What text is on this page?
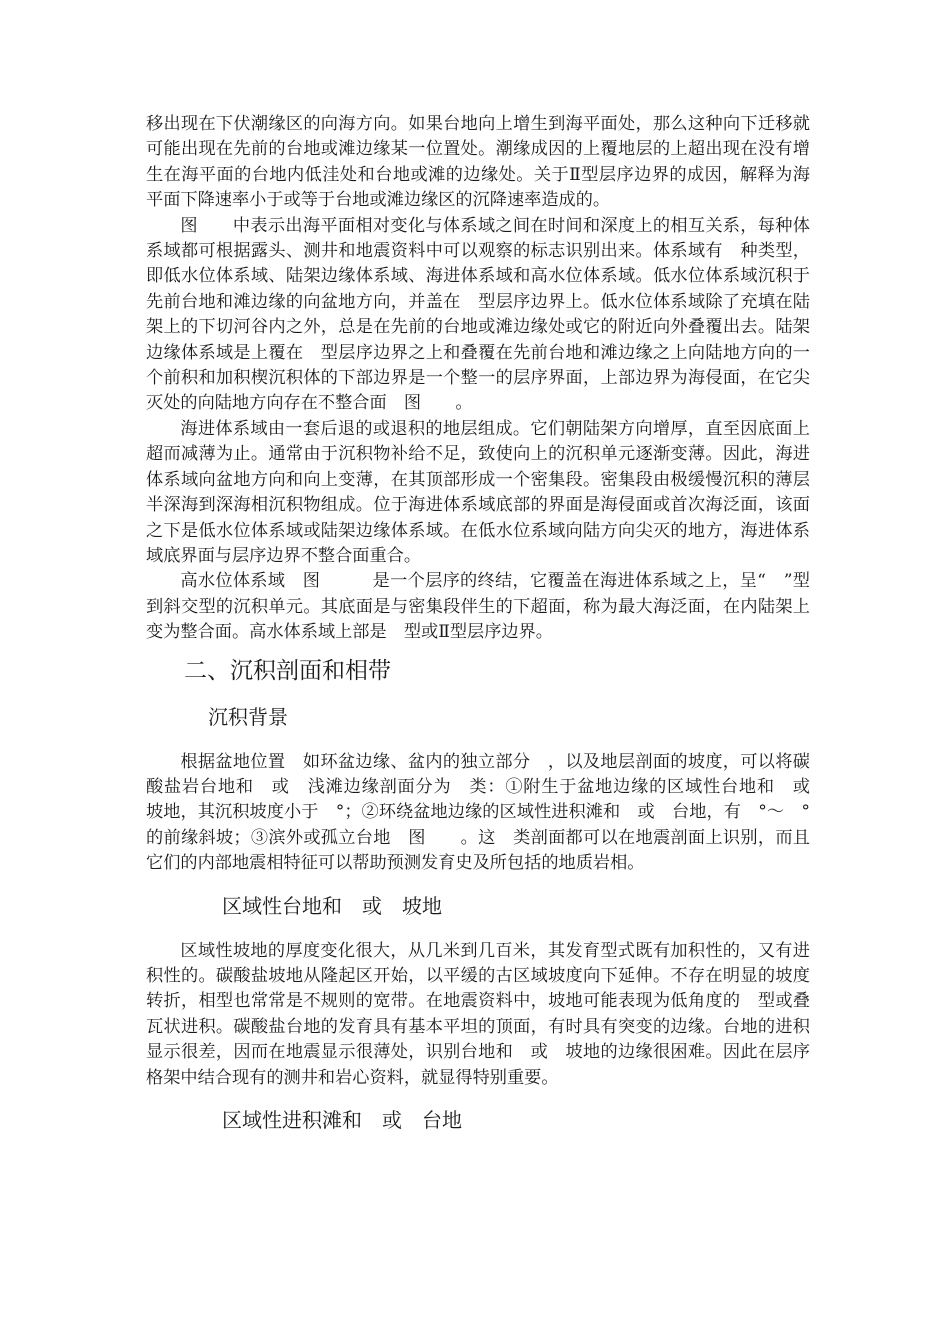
移出现在下伏潮缘区的向海方向。如果台地向上增生到海平面处，那么这种向下迁移就可能出现在先前的台地或滩边缘某一位置处。潮缘成因的上覆地层的上超出现在没有增生在海平面的台地内低洼处和台地或滩的边缘处。关于Ⅱ型层序边界的成因，解释为海平面下降速率小于或等于台地或滩边缘区的沉降速率造成的。

图　　中表示出海平面相对变化与体系域之间在时间和深度上的相互关系，每种体系域都可根据露头、测井和地震资料中可以观察的标志识别出来。体系域有　种类型，即低水位体系域、陆架边缘体系域、海进体系域和高水位体系域。低水位体系域沉积于先前台地和滩边缘的向盆地方向，并盖在　型层序边界上。低水位体系域除了充填在陆架上的下切河谷内之外，总是在先前的台地或滩边缘处或它的附近向外叠覆出去。陆架边缘体系域是上覆在　型层序边界之上和叠覆在先前台地和滩边缘之上向陆地方向的一个前积和加积楔沉积体的下部边界是一个整一的层序界面，上部边界为海侵面，在它尖灭处的向陆地方向存在不整合面　图　　。

海进体系域由一套后退的或退积的地层组成。它们朝陆架方向增厚，直至因底面上超而减薄为止。通常由于沉积物补给不足，致使向上的沉积单元逐渐变薄。因此，海进体系域向盆地方向和向上变薄，在其顶部形成一个密集段。密集段由极缓慢沉积的薄层半深海到深海相沉积物组成。位于海进体系域底部的界面是海侵面或首次海泛面，该面之下是低水位体系域或陆架边缘体系域。在低水位系域向陆方向尖灭的地方，海进体系域底界面与层序边界不整合面重合。

高水位体系域　图　　　是一个层序的终结，它覆盖在海进体系域之上，呈“　”型到斜交型的沉积单元。其底面是与密集段伴生的下超面，称为最大海泛面，在内陆架上变为整合面。高水体系域上部是　型或Ⅱ型层序边界。

二、沉积剖面和相带
沉积背景

根据盆地位置　如环盆边缘、盆内的独立部分　，以及地层剖面的坡度，可以将碳酸盐岩台地和　或　浅滩边缘剖面分为　类：①附生于盆地边缘的区域性台地和　或　坡地，其沉积坡度小于　°；②环绕盆地边缘的区域性进积滩和　或　台地，有　°～　°的前缘斜坡；③滨外或孤立台地　图　　。这　类剖面都可以在地震剖面上识别，而且它们的内部地震相特征可以帮助预测发育史及所包括的地质岩相。

区域性台地和　或　坡地

区域性坡地的厚度变化很大，从几米到几百米，其发育型式既有加积性的，又有进积性的。碳酸盐坡地从隆起区开始，以平缓的古区域坡度向下延伸。不存在明显的坡度转折，相型也常常是不规则的宽带。在地震资料中，坡地可能表现为低角度的　型或叠瓦状进积。碳酸盐台地的发育具有基本平坦的顶面，有时具有突变的边缘。台地的进积显示很差，因而在地震显示很薄处，识别台地和　或　坡地的边缘很困难。因此在层序格架中结合现有的测井和岩心资料，就显得特别重要。

区域性进积滩和　或　台地
